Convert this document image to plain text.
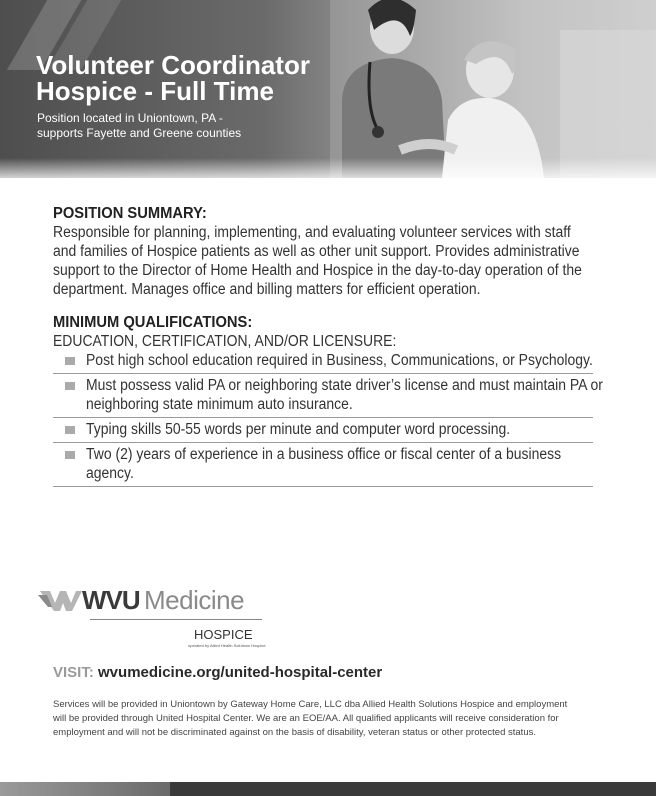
Volunteer Coordinator
Hospice - Full Time

Position located in Uniontown, PA -
supports Fayette and Greene counties

POSITION SUMMARY:

Responsible for planning, implementing, and evaluating volunteer services with staff and families of Hospice patients as well as other unit support. Provides administrative support to the Director of Home Health and Hospice in the day-to-day operation of the department. Manages office and billing matters for efficient operation.

MINIMUM QUALIFICATIONS:

EDUCATION, CERTIFICATION, AND/OR LICENSURE:

Post high school education required in Business, Communications, or Psychology.
Must possess valid PA or neighboring state driver’s license and must maintain PA or neighboring state minimum auto insurance.
Typing skills 50-55 words per minute and computer word processing.
Two (2) years of experience in a business office or fiscal center of a business agency.
WVU Medicine
HOSPICE
operated by Allied Health Solutions Hospice
VISIT: wvumedicine.org/united-hospital-center

Services will be provided in Uniontown by Gateway Home Care, LLC dba Allied Health Solutions Hospice and employment will be provided through United Hospital Center. We are an EOE/AA. All qualified applicants will receive consideration for employment and will not be discriminated against on the basis of disability, veteran status or other protected status.
